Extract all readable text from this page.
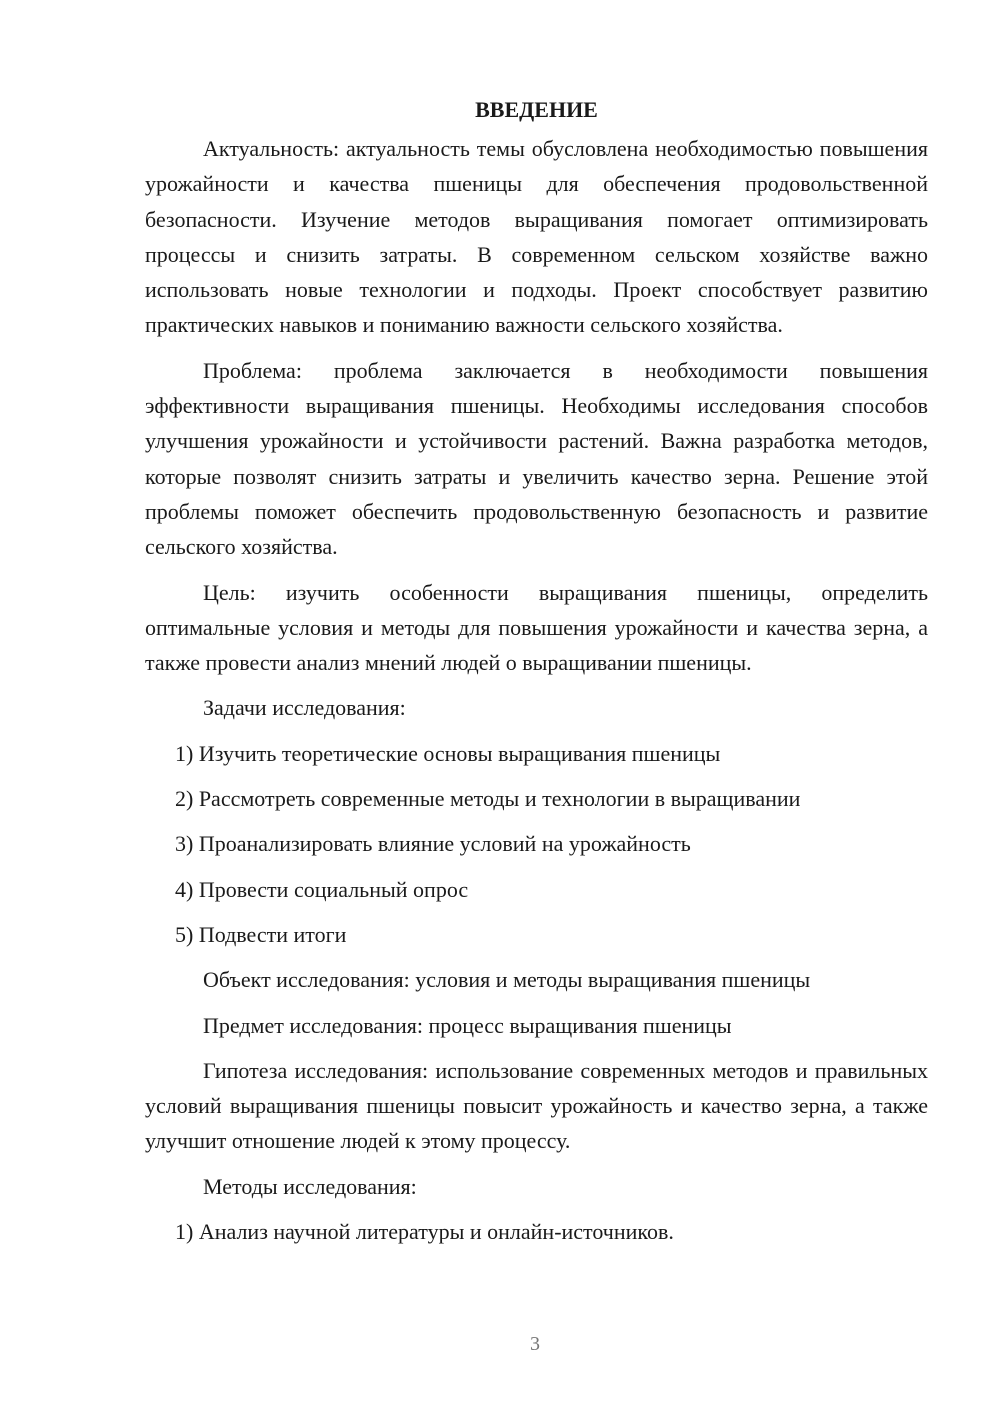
ВВЕДЕНИЕ

Актуальность: актуальность темы обусловлена необходимостью повышения урожайности и качества пшеницы для обеспечения продовольственной безопасности. Изучение методов выращивания помогает оптимизировать процессы и снизить затраты. В современном сельском хозяйстве важно использовать новые технологии и подходы. Проект способствует развитию практических навыков и пониманию важности сельского хозяйства.

Проблема: проблема заключается в необходимости повышения эффективности выращивания пшеницы. Необходимы исследования способов улучшения урожайности и устойчивости растений. Важна разработка методов, которые позволят снизить затраты и увеличить качество зерна. Решение этой проблемы поможет обеспечить продовольственную безопасность и развитие сельского хозяйства.

Цель: изучить особенности выращивания пшеницы, определить оптимальные условия и методы для повышения урожайности и качества зерна, а также провести анализ мнений людей о выращивании пшеницы.

Задачи исследования:

1) Изучить теоретические основы выращивания пшеницы
2) Рассмотреть современные методы и технологии в выращивании
3) Проанализировать влияние условий на урожайность
4) Провести социальный опрос
5) Подвести итоги

Объект исследования: условия и методы выращивания пшеницы

Предмет исследования: процесс выращивания пшеницы

Гипотеза исследования: использование современных методов и правильных условий выращивания пшеницы повысит урожайность и качество зерна, а также улучшит отношение людей к этому процессу.

Методы исследования:

1) Анализ научной литературы и онлайн-источников.
3
